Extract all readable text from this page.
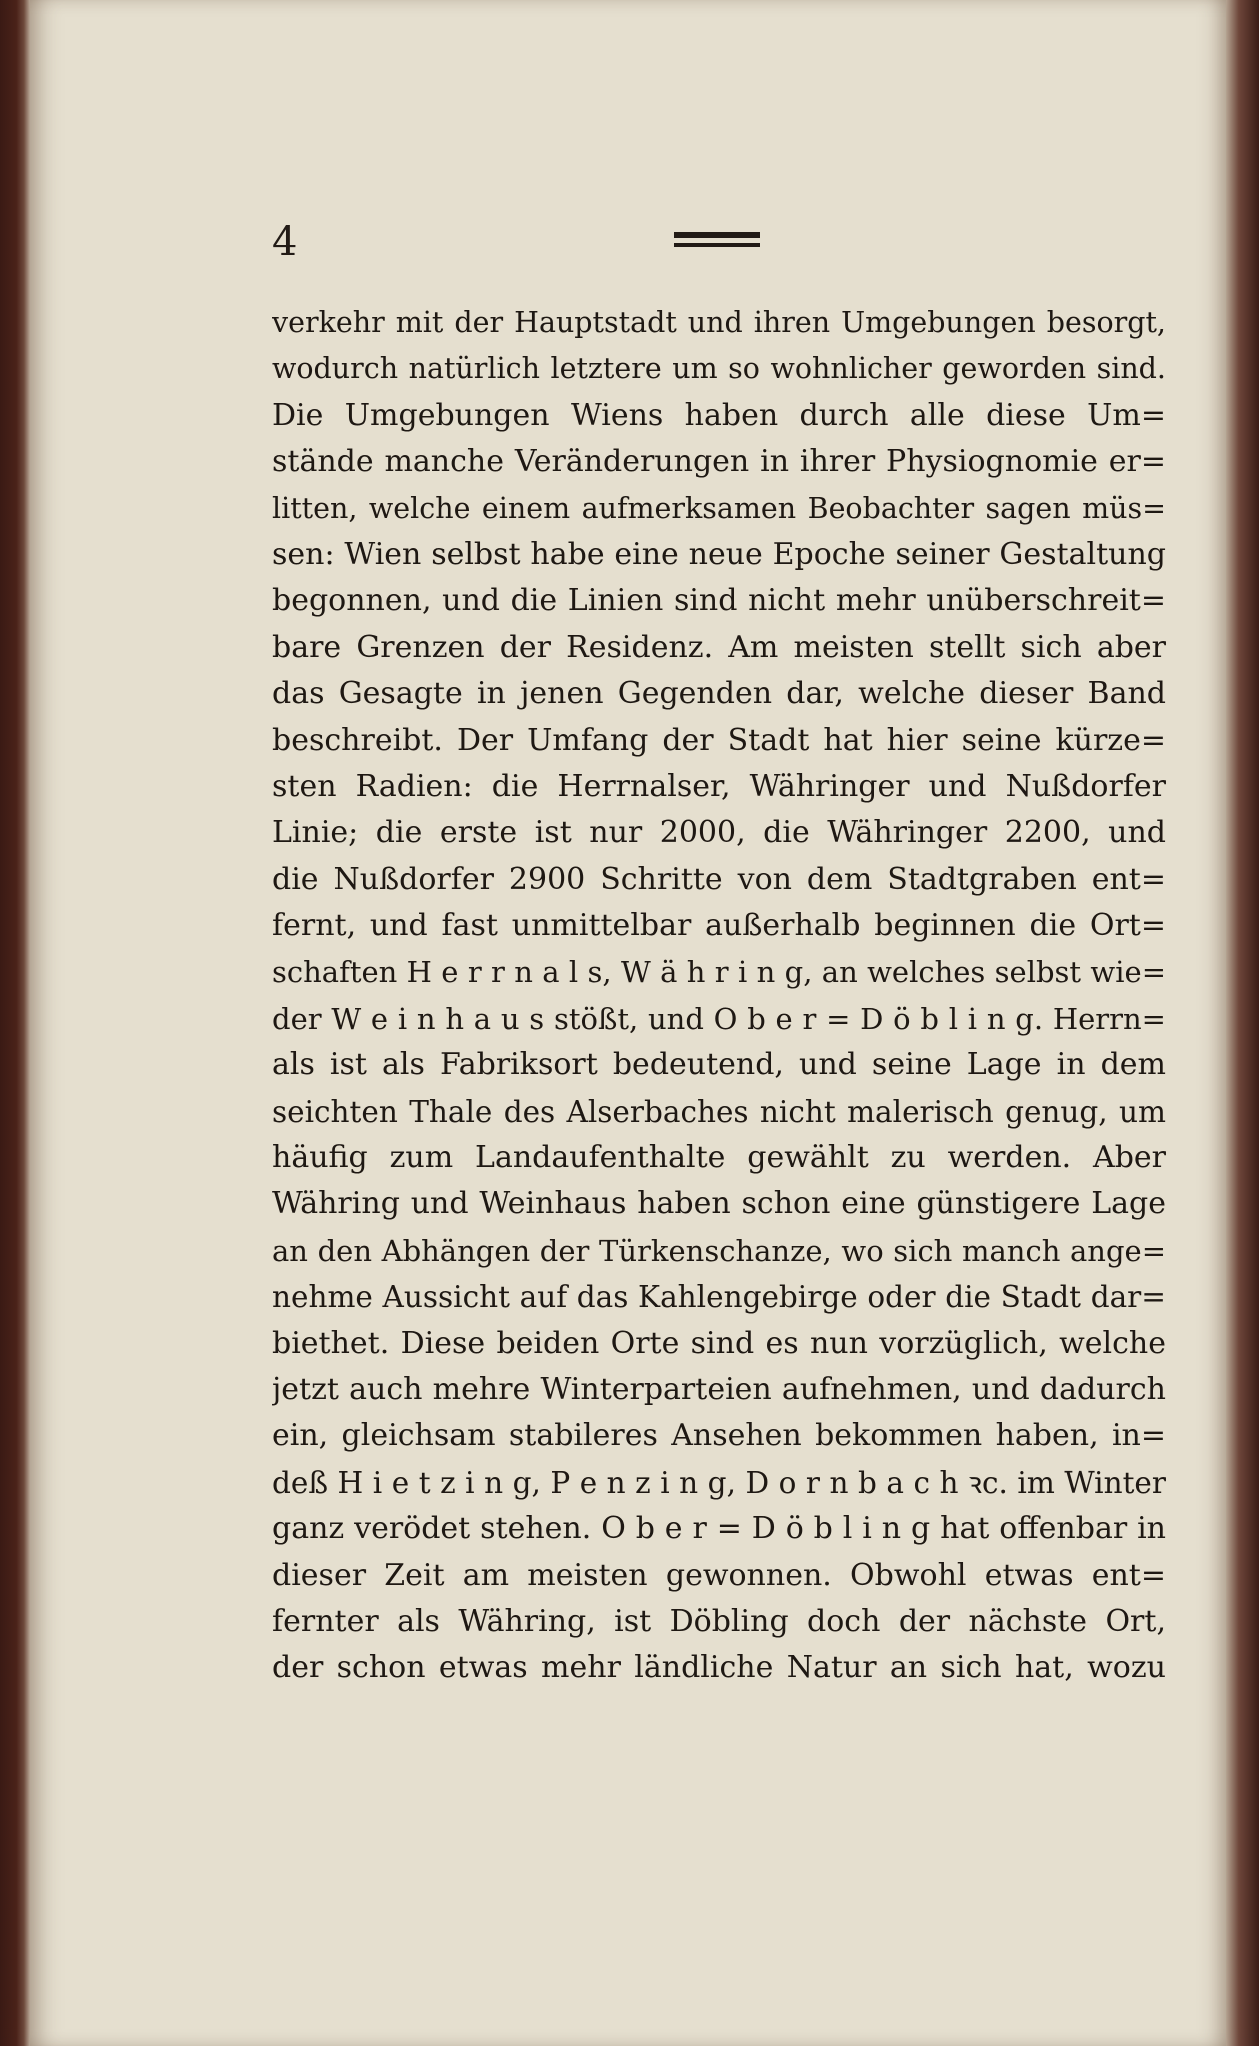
4
verkehr mit der Hauptstadt und ihren Umgebungen besorgt,
wodurch natürlich letztere um so wohnlicher geworden sind.
Die Umgebungen Wiens haben durch alle diese Um=
stände manche Veränderungen in ihrer Physiognomie er=
litten, welche einem aufmerksamen Beobachter sagen müs=
sen: Wien selbst habe eine neue Epoche seiner Gestaltung
begonnen, und die Linien sind nicht mehr unüberschreit=
bare Grenzen der Residenz. Am meisten stellt sich aber
das Gesagte in jenen Gegenden dar, welche dieser Band
beschreibt. Der Umfang der Stadt hat hier seine kürze=
sten Radien: die Herrnalser, Währinger und Nußdorfer
Linie; die erste ist nur 2000, die Währinger 2200, und
die Nußdorfer 2900 Schritte von dem Stadtgraben ent=
fernt, und fast unmittelbar außerhalb beginnen die Ort=
schaften H e r r n a l s, W ä h r i n g, an welches selbst wie=
der W e i n h a u s stößt, und O b e r = D ö b l i n g. Herrn=
als ist als Fabriksort bedeutend, und seine Lage in dem
seichten Thale des Alserbaches nicht malerisch genug, um
häufig zum Landaufenthalte gewählt zu werden. Aber
Währing und Weinhaus haben schon eine günstigere Lage
an den Abhängen der Türkenschanze, wo sich manch ange=
nehme Aussicht auf das Kahlengebirge oder die Stadt dar=
biethet. Diese beiden Orte sind es nun vorzüglich, welche
jetzt auch mehre Winterparteien aufnehmen, und dadurch
ein, gleichsam stabileres Ansehen bekommen haben, in=
deß H i e t z i n g, P e n z i n g, D o r n b a c h ꝛc. im Winter
ganz verödet stehen. O b e r = D ö b l i n g hat offenbar in
dieser Zeit am meisten gewonnen. Obwohl etwas ent=
fernter als Währing, ist Döbling doch der nächste Ort,
der schon etwas mehr ländliche Natur an sich hat, wozu
